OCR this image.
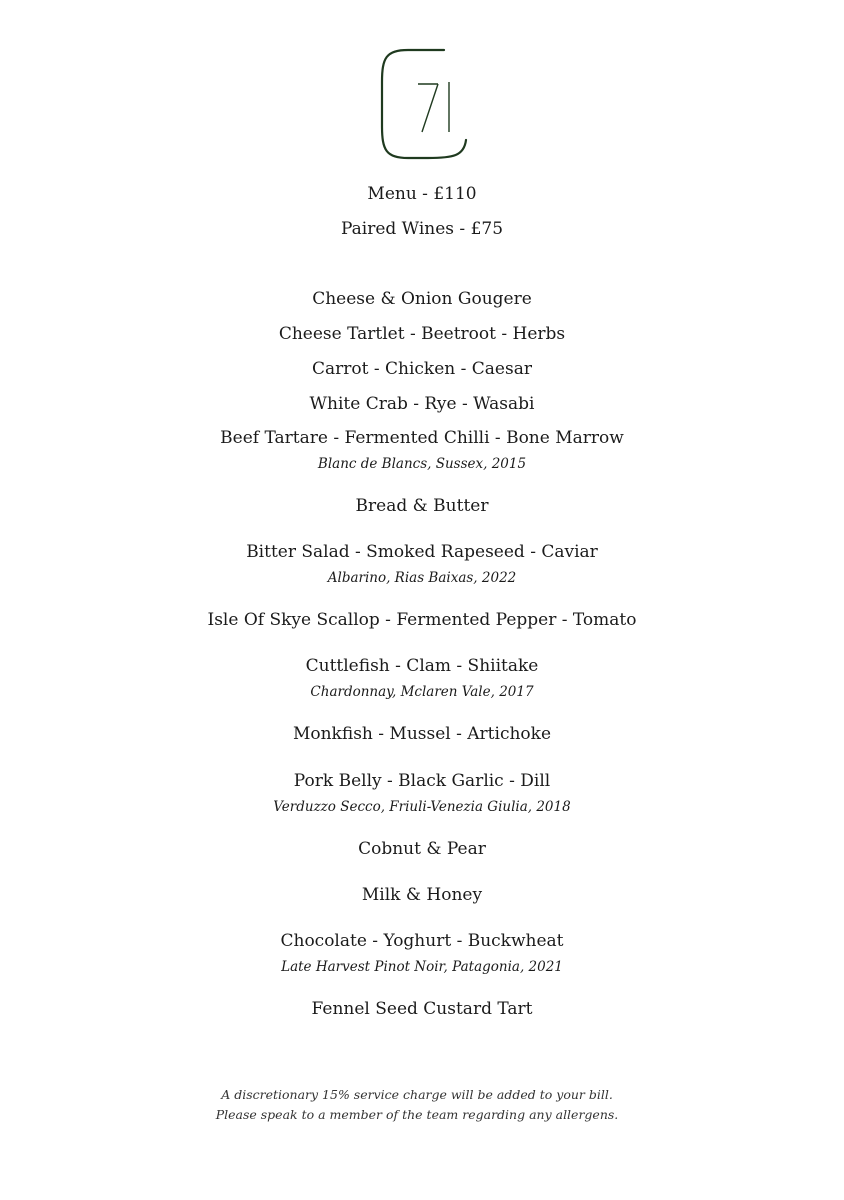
Menu - £110
Paired Wines - £75
Cheese & Onion Gougere
Cheese Tartlet - Beetroot - Herbs
Carrot - Chicken - Caesar
White Crab - Rye - Wasabi
Beef Tartare - Fermented Chilli - Bone Marrow
Blanc de Blancs, Sussex, 2015
Bread & Butter
Bitter Salad - Smoked Rapeseed - Caviar
Albarino, Rias Baixas, 2022
Isle Of Skye Scallop - Fermented Pepper - Tomato
Cuttlefish - Clam - Shiitake
Chardonnay, Mclaren Vale, 2017
Monkfish - Mussel - Artichoke
Pork Belly - Black Garlic - Dill
Verduzzo Secco, Friuli-Venezia Giulia, 2018
Cobnut & Pear
Milk & Honey
Chocolate - Yoghurt - Buckwheat
Late Harvest Pinot Noir, Patagonia, 2021
Fennel Seed Custard Tart
A discretionary 15% service charge will be added to your bill.
Please speak to a member of the team regarding any allergens.
